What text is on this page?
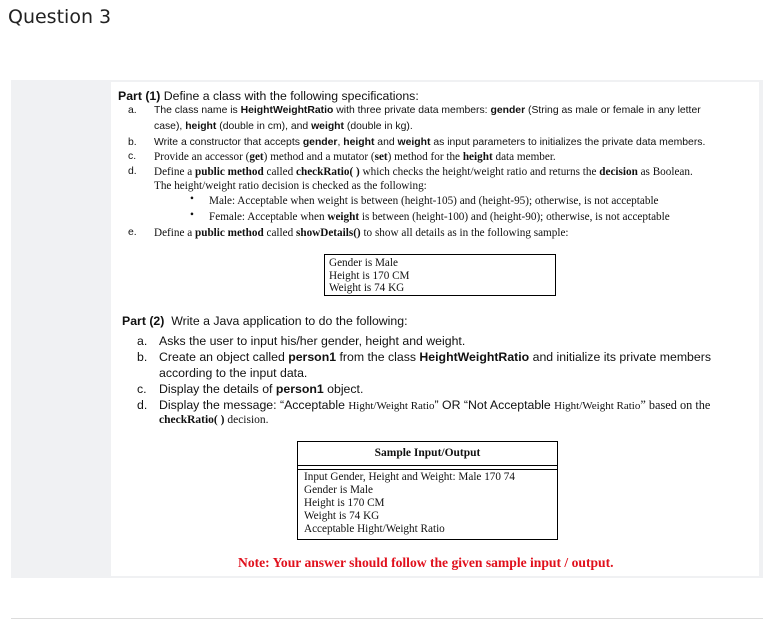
Question 3
Part (1) Define a class with the following specifications:
a. The class name is HeightWeightRatio with three private data members: gender (String as male or female in any letter
case), height (double in cm), and weight (double in kg).
b. Write a constructor that accepts gender, height and weight as input parameters to initializes the private data members.
c. Provide an accessor (get) method and a mutator (set) method for the height data member.
d. Define a public method called checkRatio( ) which checks the height/weight ratio and returns the decision as Boolean.
The height/weight ratio decision is checked as the following:
• Male: Acceptable when weight is between (height-105) and (height-95); otherwise, is not acceptable
• Female: Acceptable when weight is between (height-100) and (height-90); otherwise, is not acceptable
e. Define a public method called showDetails() to show all details as in the following sample:
Gender is Male
Height is 170 CM
Weight is 74 KG
Part (2) Write a Java application to do the following:
a. Asks the user to input his/her gender, height and weight.
b. Create an object called person1 from the class HeightWeightRatio and initialize its private members
according to the input data.
c. Display the details of person1 object.
d. Display the message: “Acceptable Hight/Weight Ratio” OR “Not Acceptable Hight/Weight Ratio” based on the
checkRatio( ) decision.
Sample Input/Output
Input Gender, Height and Weight: Male 170 74
Gender is Male
Height is 170 CM
Weight is 74 KG
Acceptable Hight/Weight Ratio
Note: Your answer should follow the given sample input / output.
